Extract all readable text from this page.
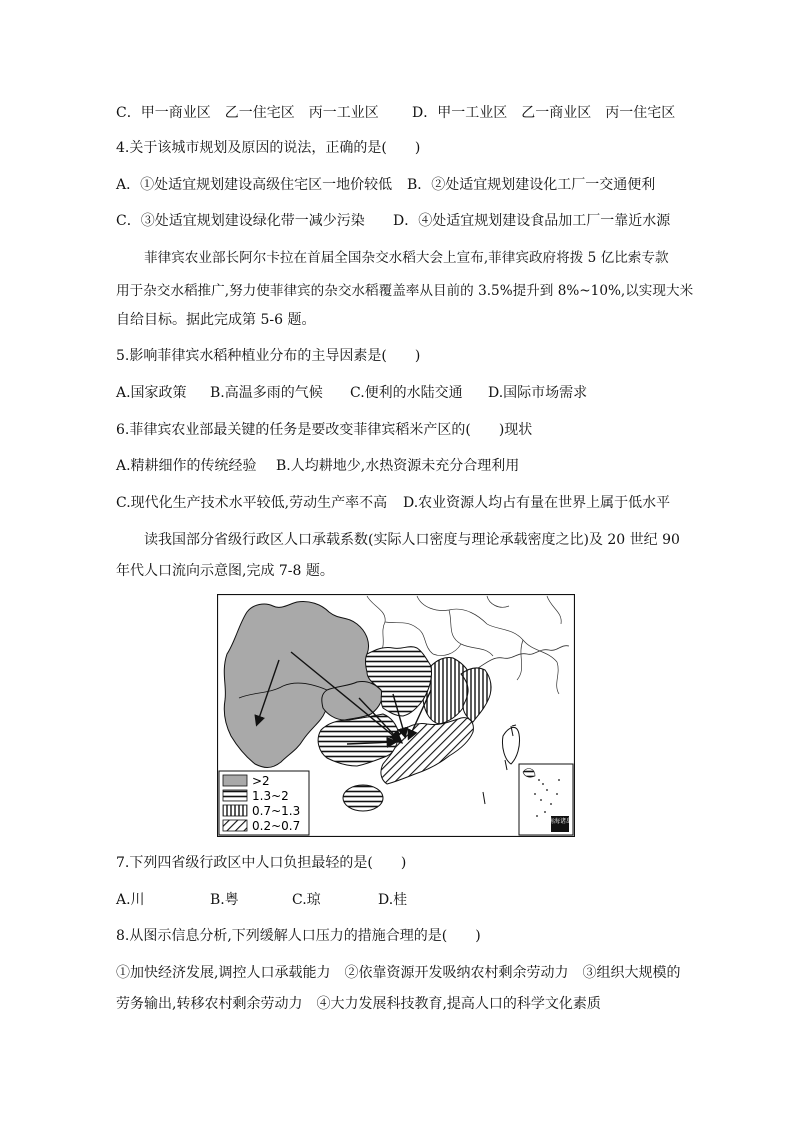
C．甲一商业区　乙一住宅区　丙一工业区 D．甲一工业区　乙一商业区　丙一住宅区
4.关于该城市规划及原因的说法，正确的是(　　)
A．①处适宜规划建设高级住宅区一地价较低 B．②处适宜规划建设化工厂一交通便利
C．③处适宜规划建设绿化带一减少污染 D．④处适宜规划建设食品加工厂一靠近水源
菲律宾农业部长阿尔卡拉在首届全国杂交水稻大会上宣布,菲律宾政府将拨 5 亿比索专款
用于杂交水稻推广,努力使菲律宾的杂交水稻覆盖率从目前的 3.5%提升到 8%~10%,以实现大米
自给目标。据此完成第 5-6 题。
5.影响菲律宾水稻种植业分布的主导因素是(　　)
A.国家政策 B.高温多雨的气候 C.便利的水陆交通 D.国际市场需求
6.菲律宾农业部最关键的任务是要改变菲律宾稻米产区的(　　)现状
A.精耕细作的传统经验 B.人均耕地少,水热资源未充分合理利用
C.现代化生产技术水平较低,劳动生产率不高 D.农业资源人均占有量在世界上属于低水平
读我国部分省级行政区人口承载系数(实际人口密度与理论承载密度之比)及 20 世纪 90
年代人口流向示意图,完成 7-8 题。
>2
1.3~2
0.7~1.3
0.2~0.7	南海诸岛
7.下列四省级行政区中人口负担最轻的是(　　)
A.川	B.粤	C.琼	D.桂
8.从图示信息分析,下列缓解人口压力的措施合理的是(　　)
①加快经济发展,调控人口承载能力　②依靠资源开发吸纳农村剩余劳动力　③组织大规模的
劳务输出,转移农村剩余劳动力　④大力发展科技教育,提高人口的科学文化素质
